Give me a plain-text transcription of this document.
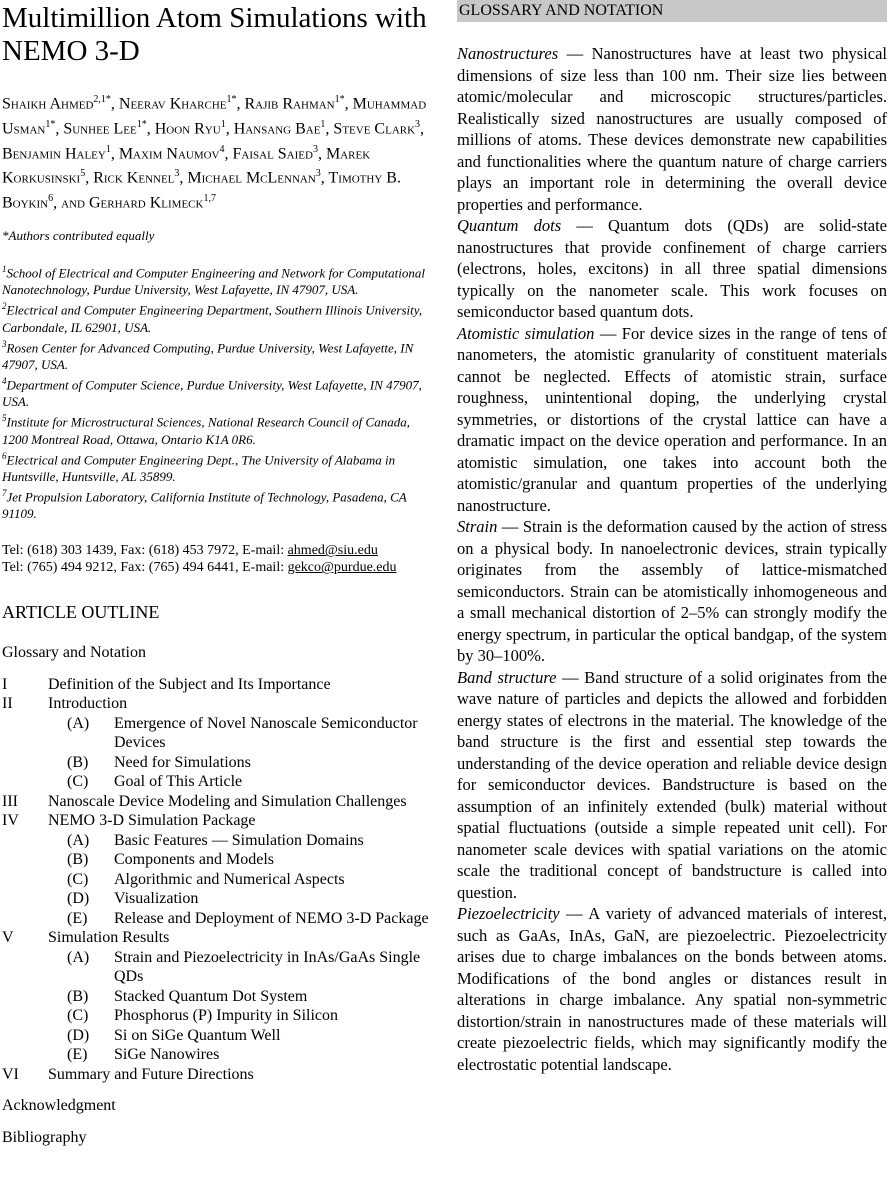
Multimillion Atom Simulations with NEMO 3-D
Shaikh Ahmed$^{2,1*}$, Neerav Kharche$^{1*}$, Rajib Rahman$^{1*}$, Muhammad Usman$^{1*}$, Sunhee Lee$^{1*}$, Hoon Ryu$^1$, Hansang Bae$^1$, Steve Clark$^3$, Benjamin Haley$^1$, Maxim Naumov$^4$, Faisal Saied$^3$, Marek Korkusinski$^5$, Rick Kennel$^3$, Michael McLennan$^3$, Timothy B. Boykin$^6$, and Gerhard Klimeck$^{1,7}$
*Authors contributed equally
$^1$School of Electrical and Computer Engineering and Network for Computational Nanotechnology, Purdue University, West Lafayette, IN 47907, USA.
$^2$Electrical and Computer Engineering Department, Southern Illinois University, Carbondale, IL 62901, USA.
$^3$Rosen Center for Advanced Computing, Purdue University, West Lafayette, IN 47907, USA.
$^4$Department of Computer Science, Purdue University, West Lafayette, IN 47907, USA.
$^5$Institute for Microstructural Sciences, National Research Council of Canada, 1200 Montreal Road, Ottawa, Ontario K1A 0R6.
$^6$Electrical and Computer Engineering Dept., The University of Alabama in Huntsville, Huntsville, AL 35899.
$^7$Jet Propulsion Laboratory, California Institute of Technology, Pasadena, CA 91109.
Tel: (618) 303 1439, Fax: (618) 453 7972, E-mail: ahmed@siu.edu
Tel: (765) 494 9212, Fax: (765) 494 6441, E-mail: gekco@purdue.edu
ARTICLE OUTLINE
Glossary and Notation
I	Definition of the Subject and Its Importance
II	Introduction
(A)	Emergence of Novel Nanoscale Semiconductor Devices
(B)	Need for Simulations
(C)	Goal of This Article
III	Nanoscale Device Modeling and Simulation Challenges
IV	NEMO 3-D Simulation Package
(A)	Basic Features — Simulation Domains
(B)	Components and Models
(C)	Algorithmic and Numerical Aspects
(D)	Visualization
(E)	Release and Deployment of NEMO 3-D Package
V	Simulation Results
(A)	Strain and Piezoelectricity in InAs/GaAs Single QDs
(B)	Stacked Quantum Dot System
(C)	Phosphorus (P) Impurity in Silicon
(D)	Si on SiGe Quantum Well
(E)	SiGe Nanowires
VI	Summary and Future Directions
Acknowledgment
Bibliography
GLOSSARY AND NOTATION

Nanostructures — Nanostructures have at least two physical dimensions of size less than 100 nm. Their size lies between atomic/molecular and microscopic structures/particles. Realistically sized nanostructures are usually composed of millions of atoms. These devices demonstrate new capabilities and functionalities where the quantum nature of charge carriers plays an important role in determining the overall device properties and performance.

Quantum dots — Quantum dots (QDs) are solid-state nanostructures that provide confinement of charge carriers (electrons, holes, excitons) in all three spatial dimensions typically on the nanometer scale. This work focuses on semiconductor based quantum dots.

Atomistic simulation — For device sizes in the range of tens of nanometers, the atomistic granularity of constituent materials cannot be neglected. Effects of atomistic strain, surface roughness, unintentional doping, the underlying crystal symmetries, or distortions of the crystal lattice can have a dramatic impact on the device operation and performance. In an atomistic simulation, one takes into account both the atomistic/granular and quantum properties of the underlying nanostructure.

Strain — Strain is the deformation caused by the action of stress on a physical body. In nanoelectronic devices, strain typically originates from the assembly of lattice-mismatched semiconductors. Strain can be atomistically inhomogeneous and a small mechanical distortion of 2–5% can strongly modify the energy spectrum, in particular the optical bandgap, of the system by 30–100%.

Band structure — Band structure of a solid originates from the wave nature of particles and depicts the allowed and forbidden energy states of electrons in the material. The knowledge of the band structure is the first and essential step towards the understanding of the device operation and reliable device design for semiconductor devices. Bandstructure is based on the assumption of an infinitely extended (bulk) material without spatial fluctuations (outside a simple repeated unit cell). For nanometer scale devices with spatial variations on the atomic scale the traditional concept of bandstructure is called into question.

Piezoelectricity — A variety of advanced materials of interest, such as GaAs, InAs, GaN, are piezoelectric. Piezoelectricity arises due to charge imbalances on the bonds between atoms. Modifications of the bond angles or distances result in alterations in charge imbalance. Any spatial non-symmetric distortion/strain in nanostructures made of these materials will create piezoelectric fields, which may significantly modify the electrostatic potential landscape.
